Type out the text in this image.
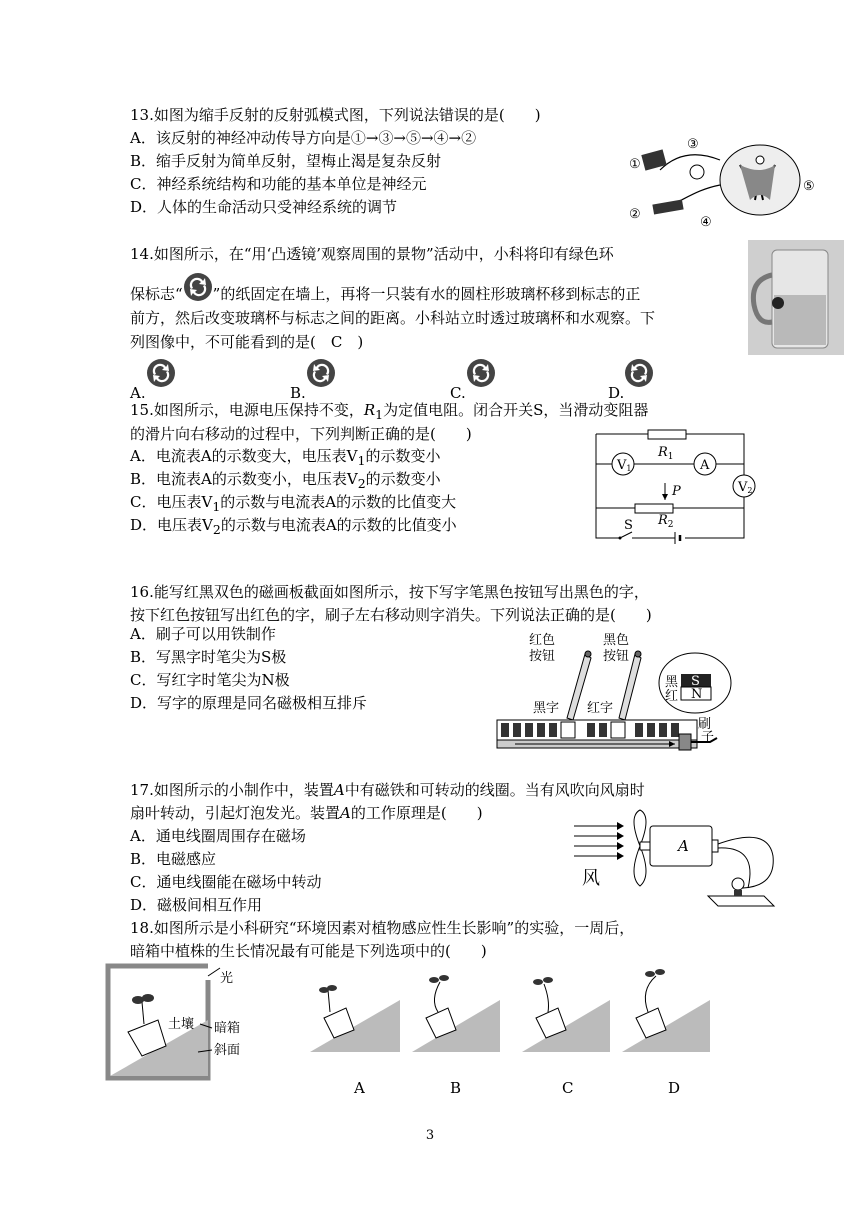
13.如图为缩手反射的反射弧模式图，下列说法错误的是(　　)
A．该反射的神经冲动传导方向是①→③→⑤→④→②
B．缩手反射为简单反射，望梅止渴是复杂反射
C．神经系统结构和功能的基本单位是神经元
D．人体的生命活动只受神经系统的调节
①
②
③
④
⑤
14.如图所示，在“用‘凸透镜’观察周围的景物”活动中，小科将印有绿色环
保标志“ ”的纸固定在墙上，再将一只装有水的圆柱形玻璃杯移到标志的正
前方，然后改变玻璃杯与标志之间的距离。小科站立时透过玻璃杯和水观察。下
列图像中，不可能看到的是(　C　)
A.	B.	C.	D.
15.如图所示，电源电压保持不变，$R_1$为定值电阻。闭合开关S，当滑动变阻器
的滑片向右移动的过程中，下列判断正确的是(　　)
A．电流表A的示数变大，电压表$V_1$的示数变小
B．电流表A的示数变小，电压表$V_2$的示数变小
C．电压表$V_1$的示数与电流表A的示数的比值变大
D．电压表$V_2$的示数与电流表A的示数的比值变小
$R_1$
$R_2$
V1	A
V2
P
S
16.能写红黑双色的磁画板截面如图所示，按下写字笔黑色按钮写出黑色的字，
按下红色按钮写出红色的字，刷子左右移动则字消失。下列说法正确的是(　　)
A．刷子可以用铁制作
B．写黑字时笔尖为S极
C．写红字时笔尖为N极
D．写字的原理是同名磁极相互排斥
红色
按钮
黑色
按钮
黑字 红字
黑
红
S
N
刷
子
17.如图所示的小制作中，装置A中有磁铁和可转动的线圈。当有风吹向风扇时
扇叶转动，引起灯泡发光。装置A的工作原理是(　　)
A．通电线圈周围存在磁场
B．电磁感应
C．通电线圈能在磁场中转动
D．磁极间相互作用
风
A
18.如图所示是小科研究“环境因素对植物感应性生长影响”的实验，一周后，
暗箱中植株的生长情况最有可能是下列选项中的(　　)
光
土壤 暗箱
斜面
A	B	C	D
3
